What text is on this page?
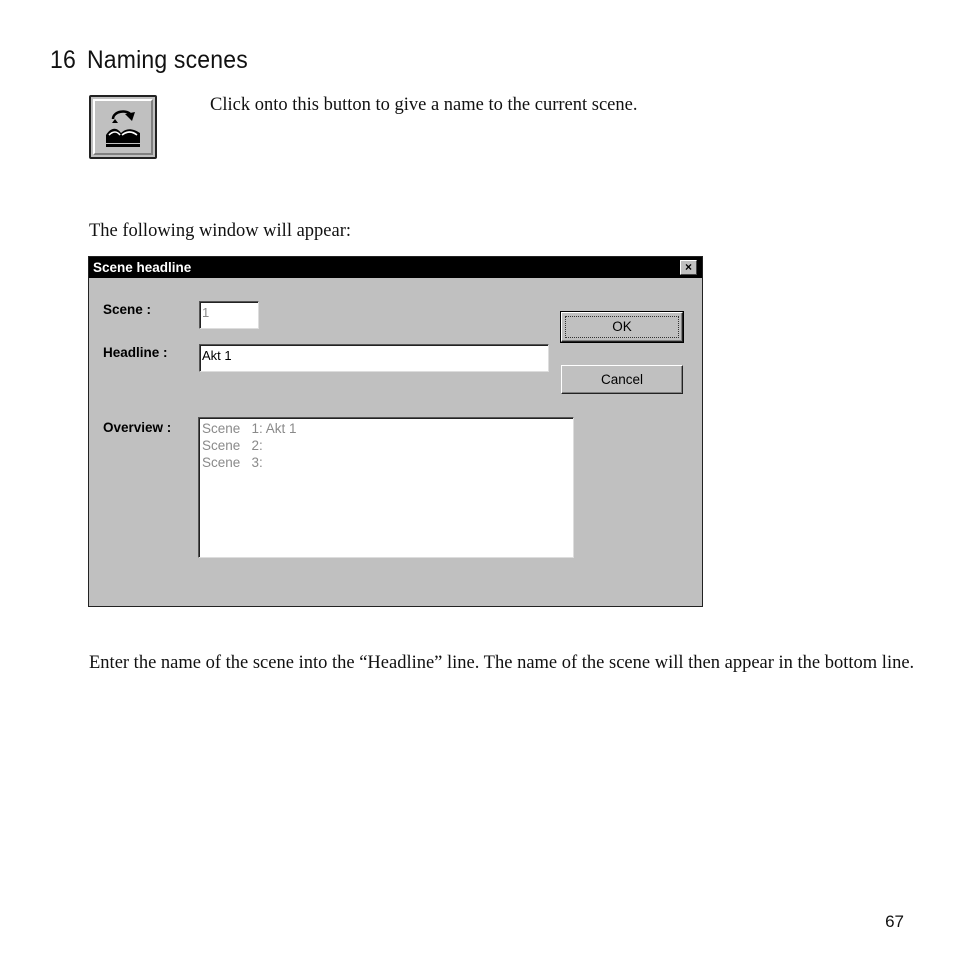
16 Naming scenes

Click onto this button to give a name to the current scene.

The following window will appear:

Scene headline	×
Scene :	1
Headline :	Akt 1
Overview : Scene   1: Akt 1
Scene   2:
Scene   3:
OK
Cancel

Enter the name of the scene into the “Headline” line. The name of the scene will then appear in the bottom line.

67
